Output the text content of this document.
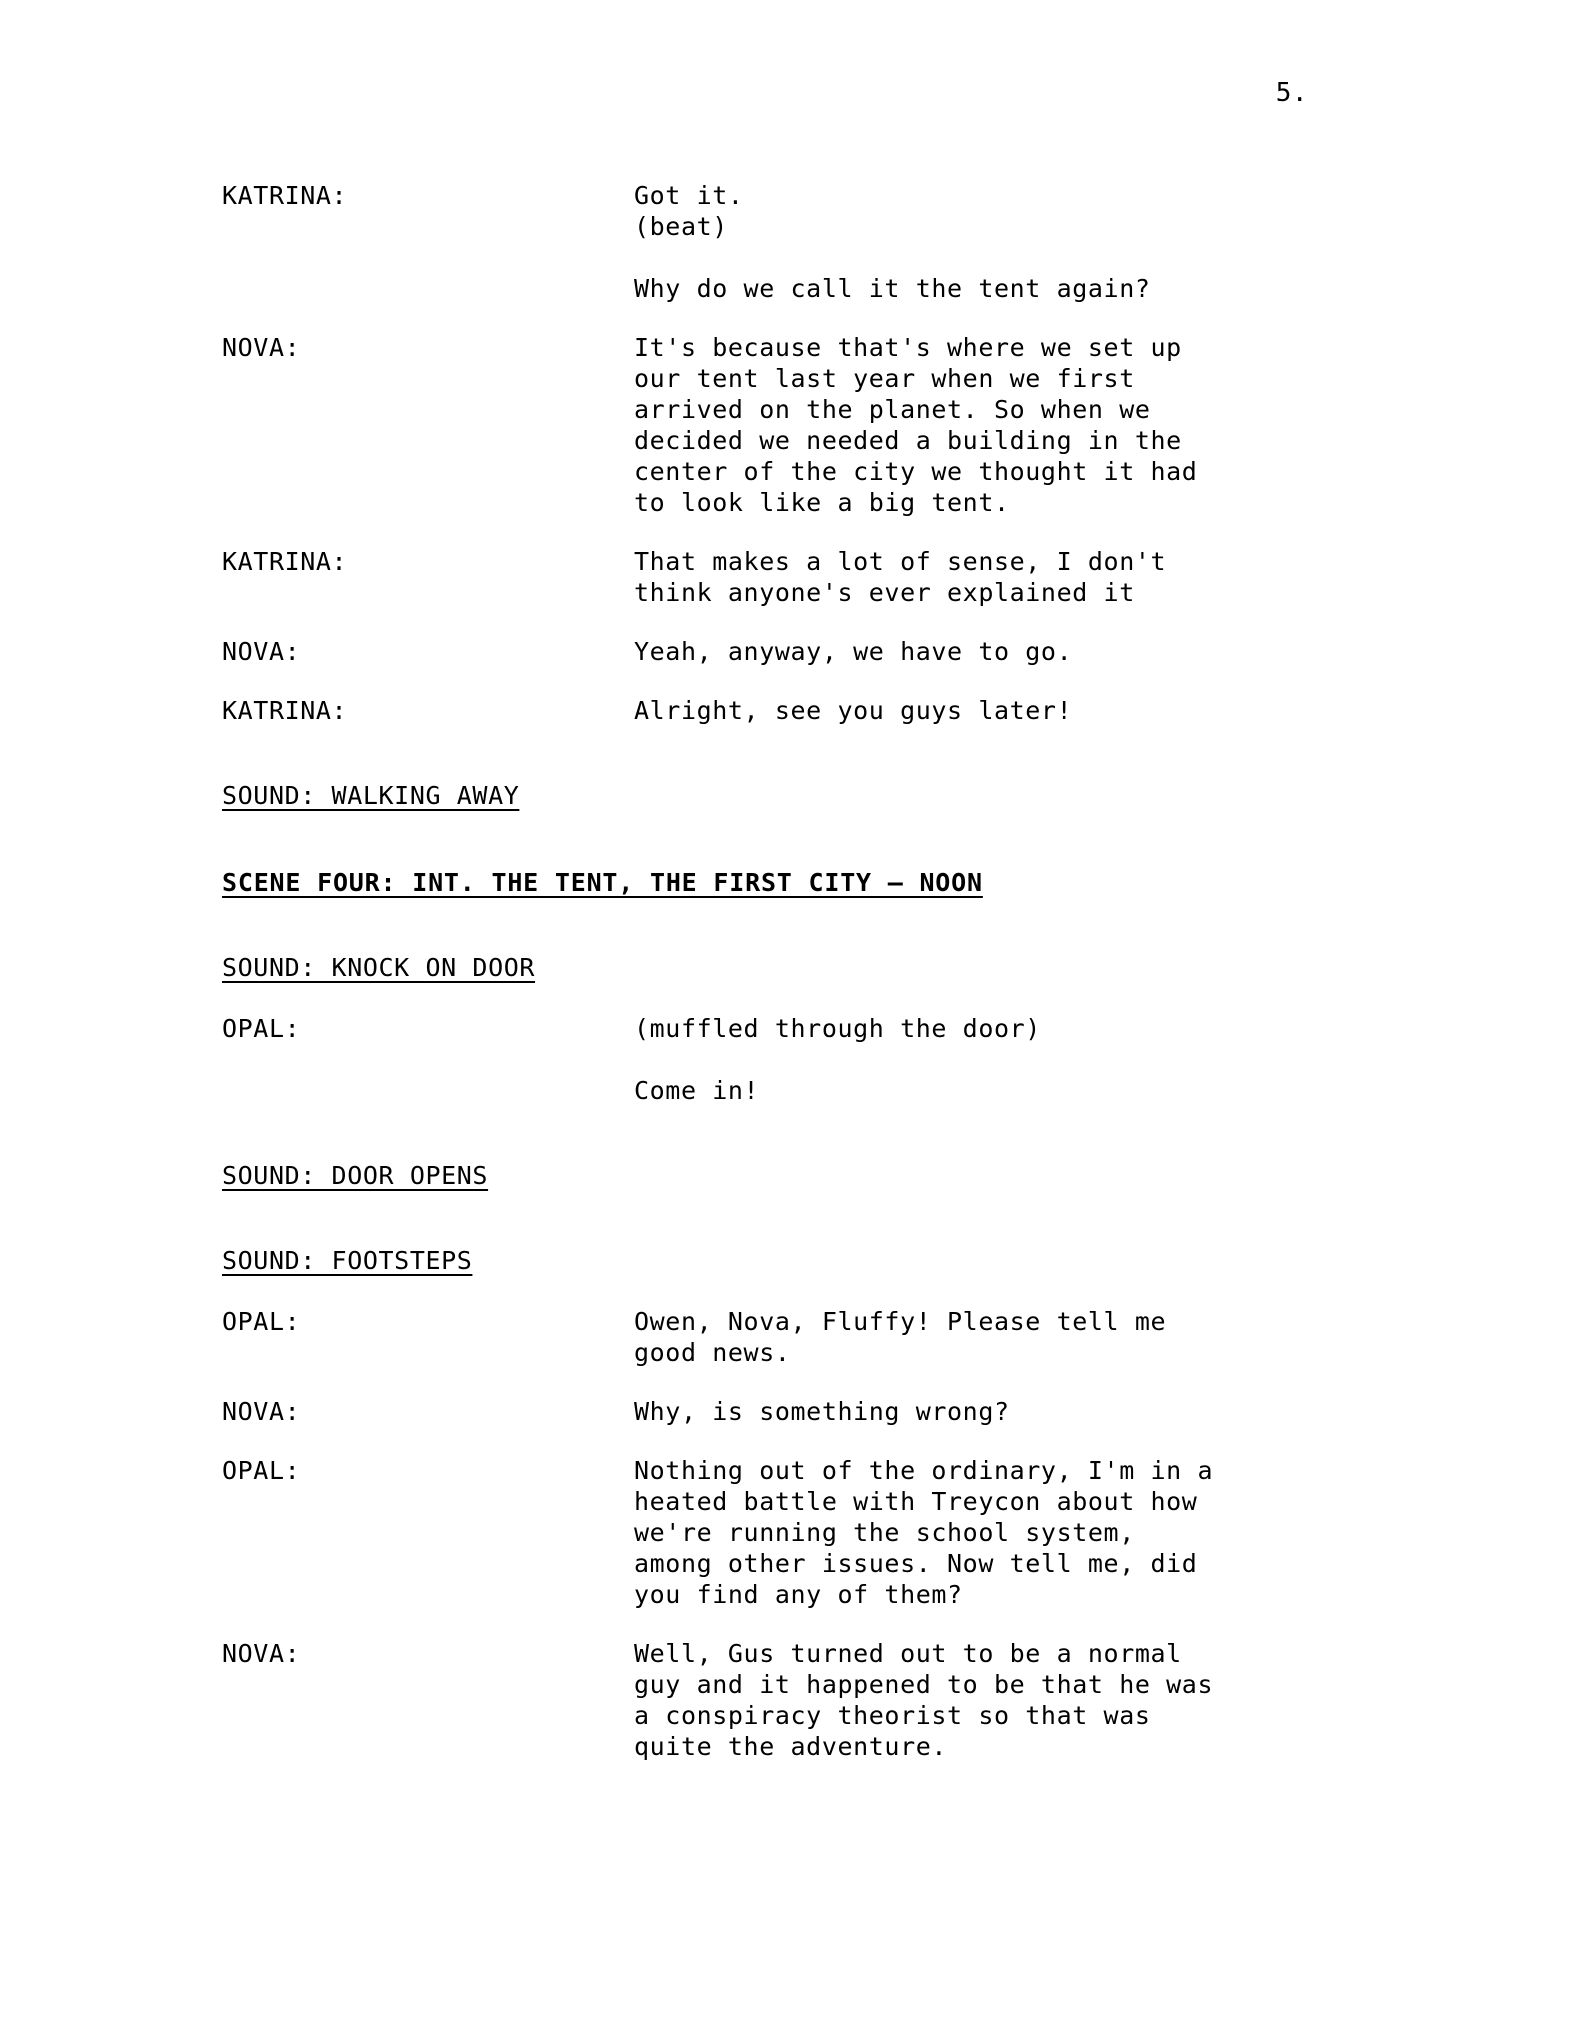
5.
KATRINA:	Got it.
(beat)
Why do we call it the tent again?
NOVA:	It's because that's where we set up
our tent last year when we first
arrived on the planet. So when we
decided we needed a building in the
center of the city we thought it had
to look like a big tent.
KATRINA:	That makes a lot of sense, I don't
think anyone's ever explained it
NOVA:	Yeah, anyway, we have to go.
KATRINA:	Alright, see you guys later!
SOUND: WALKING AWAY
SCENE FOUR: INT. THE TENT, THE FIRST CITY – NOON
SOUND: KNOCK ON DOOR
OPAL:	(muffled through the door)
Come in!
SOUND: DOOR OPENS
SOUND: FOOTSTEPS
OPAL:	Owen, Nova, Fluffy! Please tell me
good news.
NOVA:	Why, is something wrong?
OPAL:	Nothing out of the ordinary, I'm in a
heated battle with Treycon about how
we're running the school system,
among other issues. Now tell me, did
you find any of them?
NOVA:	Well, Gus turned out to be a normal
guy and it happened to be that he was
a conspiracy theorist so that was
quite the adventure.
